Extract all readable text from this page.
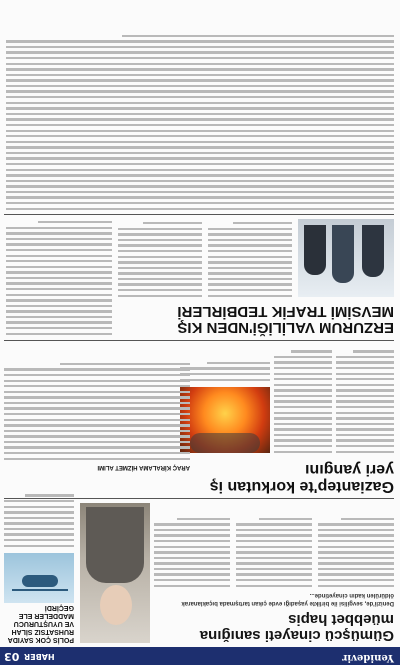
Yenidevir
HABER
03
Gümüşcü cinayeti sanığına müebbet hapis
Denizli'de, sevgilisi ile birlikte yaşadığı evde çıkan tartışmada bıçaklanarak öldürülen kadın cinayetinde...
POLİS ÇOK SAYIDA RUHSATSIZ SİLAH VE UYUŞTURUCU MADDELER ELE GEÇİRDİ
Gaziantep'te korkutan iş yeri yangını
ARAÇ KİRALAMA HİZMET ALIMI
ERZURUM VALİLİĞİ'NDEN KIŞ MEVSİMİ TRAFİK TEDBİRLERİ
